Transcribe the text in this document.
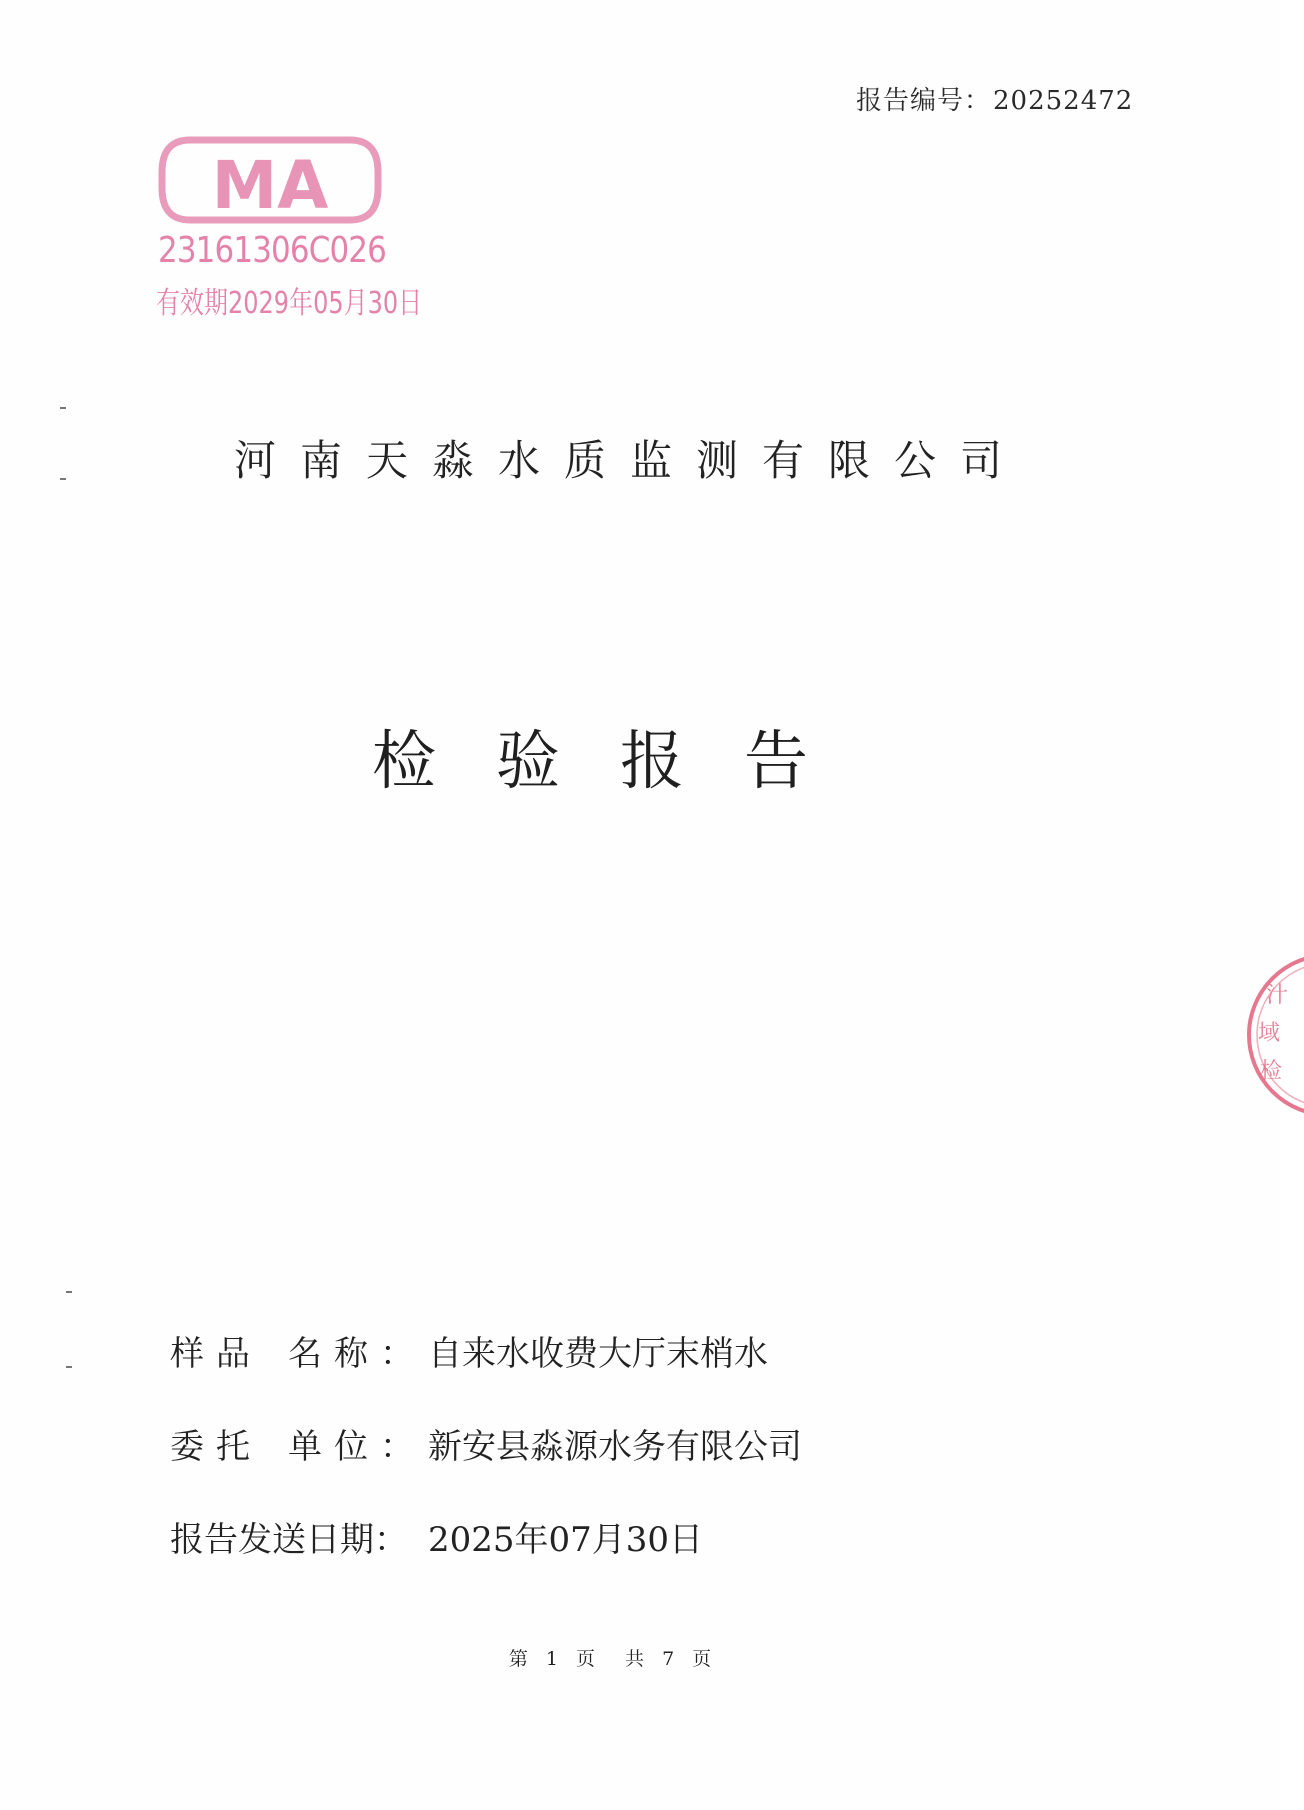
报告编号：20252472
MA
23161306C026
有效期2029年05月30日
河南天淼水质监测有限公司
检验报告
样品 名称：自来水收费大厅末梢水
委托 单位：新安县淼源水务有限公司
报告发送日期： 2025年07月30日
第 1 页 共 7 页
汁
域
检
